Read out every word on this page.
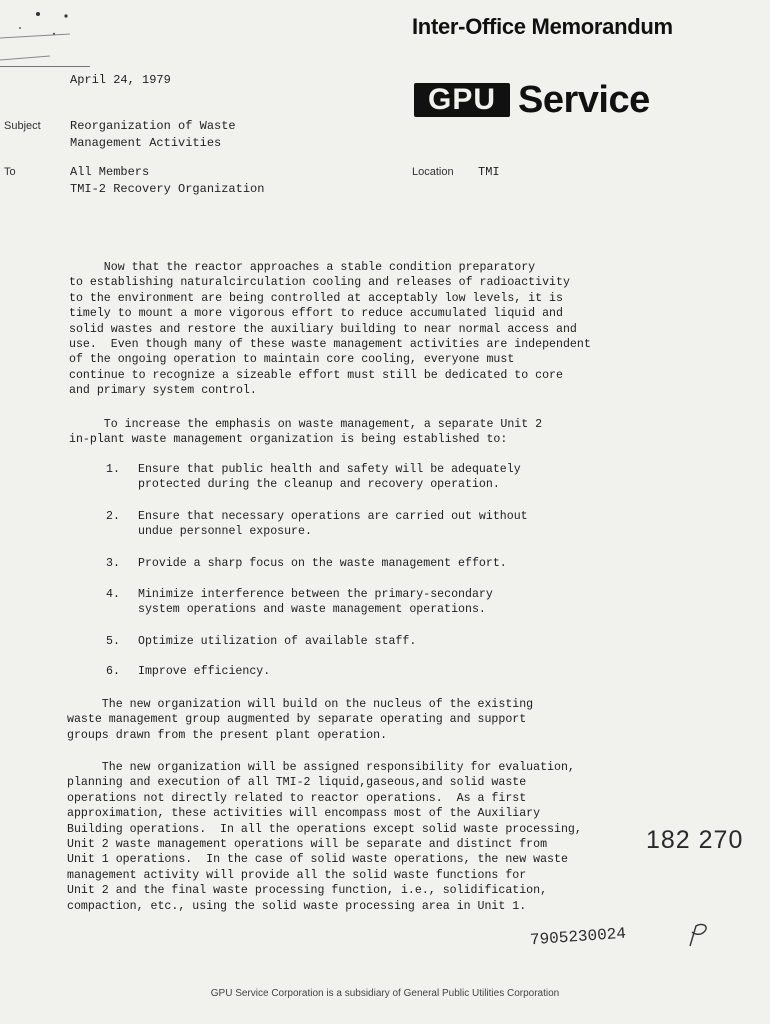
Inter-Office Memorandum
GPU Service
April 24, 1979
Subject Reorganization of Waste
Management Activities
To	All Members
TMI-2 Recovery Organization
Location TMI

Now that the reactor approaches a stable condition preparatory

to establishing naturalcirculation cooling and releases of radioactivity

to the environment are being controlled at acceptably low levels, it is

timely to mount a more vigorous effort to reduce accumulated liquid and

solid wastes and restore the auxiliary building to near normal access and

use.  Even though many of these waste management activities are independent

of the ongoing operation to maintain core cooling, everyone must

continue to recognize a sizeable effort must still be dedicated to core

and primary system control.

To increase the emphasis on waste management, a separate Unit 2

in-plant waste management organization is being established to:

1. Ensure that public health and safety will be adequately

protected during the cleanup and recovery operation.

2. Ensure that necessary operations are carried out without

undue personnel exposure.

3. Provide a sharp focus on the waste management effort.

4. Minimize interference between the primary-secondary

system operations and waste management operations.

5. Optimize utilization of available staff.

6. Improve efficiency.

The new organization will build on the nucleus of the existing

waste management group augmented by separate operating and support

groups drawn from the present plant operation.

The new organization will be assigned responsibility for evaluation,

planning and execution of all TMI-2 liquid,gaseous,and solid waste

operations not directly related to reactor operations.  As a first

approximation, these activities will encompass most of the Auxiliary

Building operations.  In all the operations except solid waste processing,

Unit 2 waste management operations will be separate and distinct from

Unit 1 operations.  In the case of solid waste operations, the new waste

management activity will provide all the solid waste functions for

Unit 2 and the final waste processing function, i.e., solidification,

compaction, etc., using the solid waste processing area in Unit 1.

182 270
7905230024
GPU Service Corporation is a subsidiary of General Public Utilities Corporation
